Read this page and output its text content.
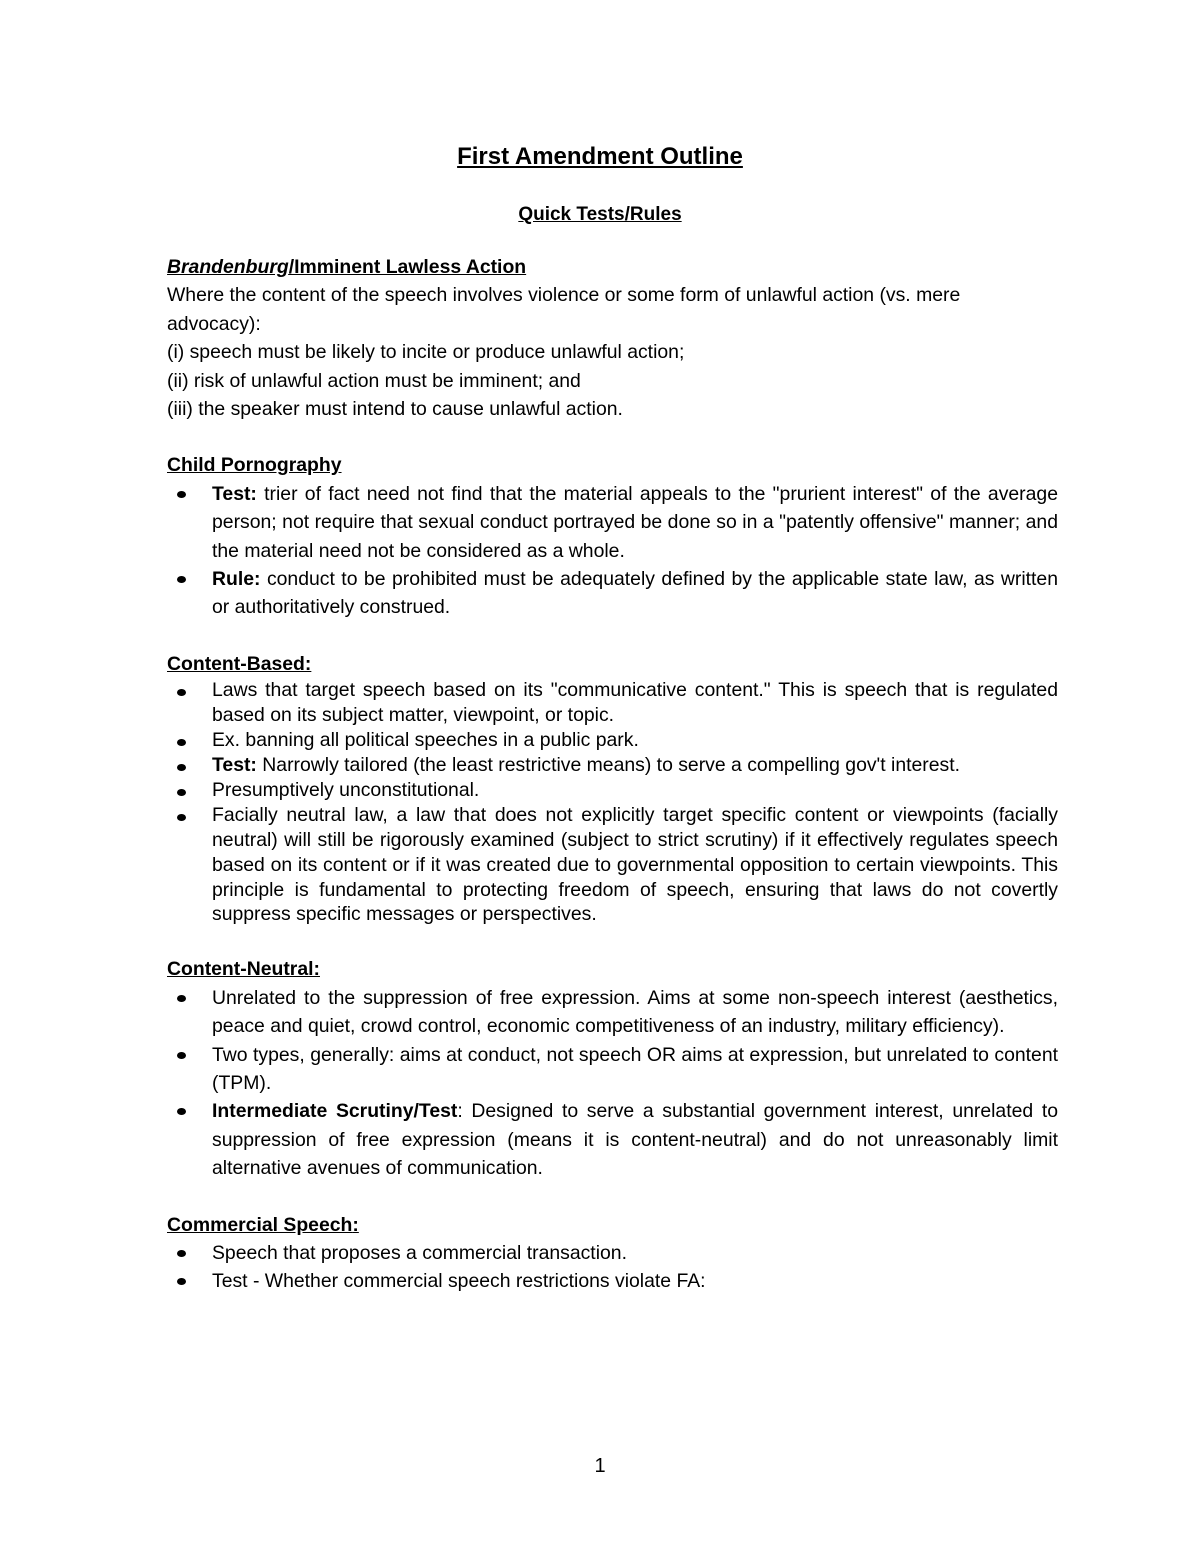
First Amendment Outline
Quick Tests/Rules
Brandenburg/Imminent Lawless Action
Where the content of the speech involves violence or some form of unlawful action (vs. mere advocacy):
(i) speech must be likely to incite or produce unlawful action;
(ii) risk of unlawful action must be imminent; and
(iii) the speaker must intend to cause unlawful action.
Child Pornography
Test: trier of fact need not find that the material appeals to the "prurient interest" of the average person; not require that sexual conduct portrayed be done so in a "patently offensive" manner; and the material need not be considered as a whole.
Rule: conduct to be prohibited must be adequately defined by the applicable state law, as written or authoritatively construed.
Content-Based:
Laws that target speech based on its "communicative content." This is speech that is regulated based on its subject matter, viewpoint, or topic.
Ex. banning all political speeches in a public park.
Test: Narrowly tailored (the least restrictive means) to serve a compelling gov't interest.
Presumptively unconstitutional.
Facially neutral law, a law that does not explicitly target specific content or viewpoints (facially neutral) will still be rigorously examined (subject to strict scrutiny) if it effectively regulates speech based on its content or if it was created due to governmental opposition to certain viewpoints. This principle is fundamental to protecting freedom of speech, ensuring that laws do not covertly suppress specific messages or perspectives.
Content-Neutral:
Unrelated to the suppression of free expression. Aims at some non-speech interest (aesthetics, peace and quiet, crowd control, economic competitiveness of an industry, military efficiency).
Two types, generally: aims at conduct, not speech OR aims at expression, but unrelated to content (TPM).
Intermediate Scrutiny/Test: Designed to serve a substantial government interest, unrelated to suppression of free expression (means it is content-neutral) and do not unreasonably limit alternative avenues of communication.
Commercial Speech:
Speech that proposes a commercial transaction.
Test - Whether commercial speech restrictions violate FA:
1
